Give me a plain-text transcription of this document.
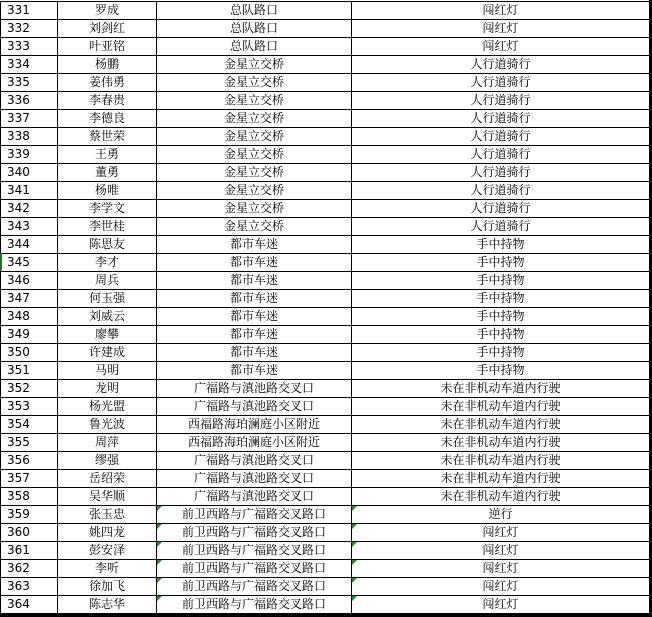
331	罗成	总队路口	闯红灯
332	刘剑红	总队路口	闯红灯
333	叶亚铭	总队路口	闯红灯
334	杨鹏	金星立交桥	人行道骑行
335	姜伟勇	金星立交桥	人行道骑行
336	李春贵	金星立交桥	人行道骑行
337	李德良	金星立交桥	人行道骑行
338	蔡世荣	金星立交桥	人行道骑行
339	王勇	金星立交桥	人行道骑行
340	董勇	金星立交桥	人行道骑行
341	杨唯	金星立交桥	人行道骑行
342	李学文	金星立交桥	人行道骑行
343	李世桂	金星立交桥	人行道骑行
344	陈思友	都市车迷	手中持物
345	李才	都市车迷	手中持物
346	周兵	都市车迷	手中持物
347	何玉强	都市车迷	手中持物
348	刘威云	都市车迷	手中持物
349	廖攀	都市车迷	手中持物
350	许建成	都市车迷	手中持物
351	马明	都市车迷	手中持物
352	龙明	广福路与滇池路交叉口	未在非机动车道内行驶
353	杨光盟	广福路与滇池路交叉口	未在非机动车道内行驶
354	鲁光波	西福路海珀澜庭小区附近	未在非机动车道内行驶
355	周萍	西福路海珀澜庭小区附近	未在非机动车道内行驶
356	缪强	广福路与滇池路交叉口	未在非机动车道内行驶
357	岳绍荣	广福路与滇池路交叉口	未在非机动车道内行驶
358	吴华顺	广福路与滇池路交叉口	未在非机动车道内行驶
359	张玉忠	前卫西路与广福路交叉路口	逆行
360	姚四龙	前卫西路与广福路交叉路口	闯红灯
361	彭安泽	前卫西路与广福路交叉路口	闯红灯
362	李听	前卫西路与广福路交叉路口	闯红灯
363	徐加飞	前卫西路与广福路交叉路口	闯红灯
364	陈志华	前卫西路与广福路交叉路口	闯红灯
